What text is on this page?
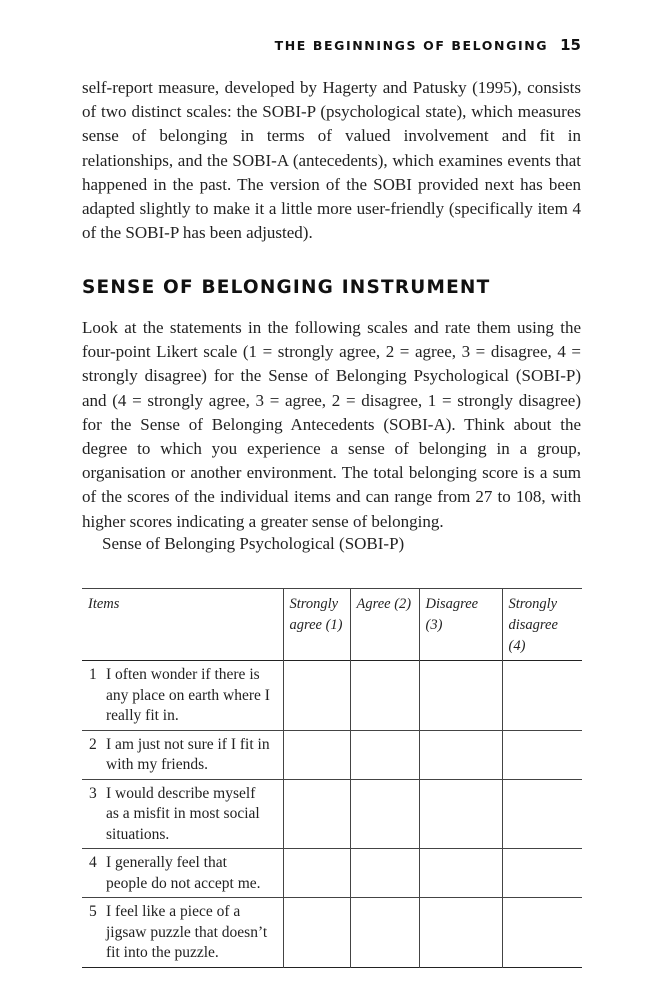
THE BEGINNINGS OF BELONGING 15
self-report measure, developed by Hagerty and Patusky (1995), consists of two distinct scales: the SOBI-P (psychological state), which measures sense of belonging in terms of valued involvement and fit in relationships, and the SOBI-A (antecedents), which examines events that happened in the past. The version of the SOBI provided next has been adapted slightly to make it a little more user-friendly (specifically item 4 of the SOBI-P has been adjusted).
SENSE OF BELONGING INSTRUMENT
Look at the statements in the following scales and rate them using the four-point Likert scale (1 = strongly agree, 2 = agree, 3 = disagree, 4 = strongly disagree) for the Sense of Belonging Psychological (SOBI-P) and (4 = strongly agree, 3 = agree, 2 = disagree, 1 = strongly disagree) for the Sense of Belonging Antecedents (SOBI-A). Think about the degree to which you experience a sense of belonging in a group, organisation or another environment. The total belonging score is a sum of the scores of the individual items and can range from 27 to 108, with higher scores indicating a greater sense of belonging.
Sense of Belonging Psychological (SOBI-P)
Items	Strongly agree (1)	Agree (2)	Disagree (3)	Strongly disagree (4)
1 I often wonder if there is any place on earth where I really fit in.				
2 I am just not sure if I fit in with my friends.				
3 I would describe myself as a misfit in most social situations.				
4 I generally feel that people do not accept me.				
5 I feel like a piece of a jigsaw puzzle that doesn’t fit into the puzzle.				
